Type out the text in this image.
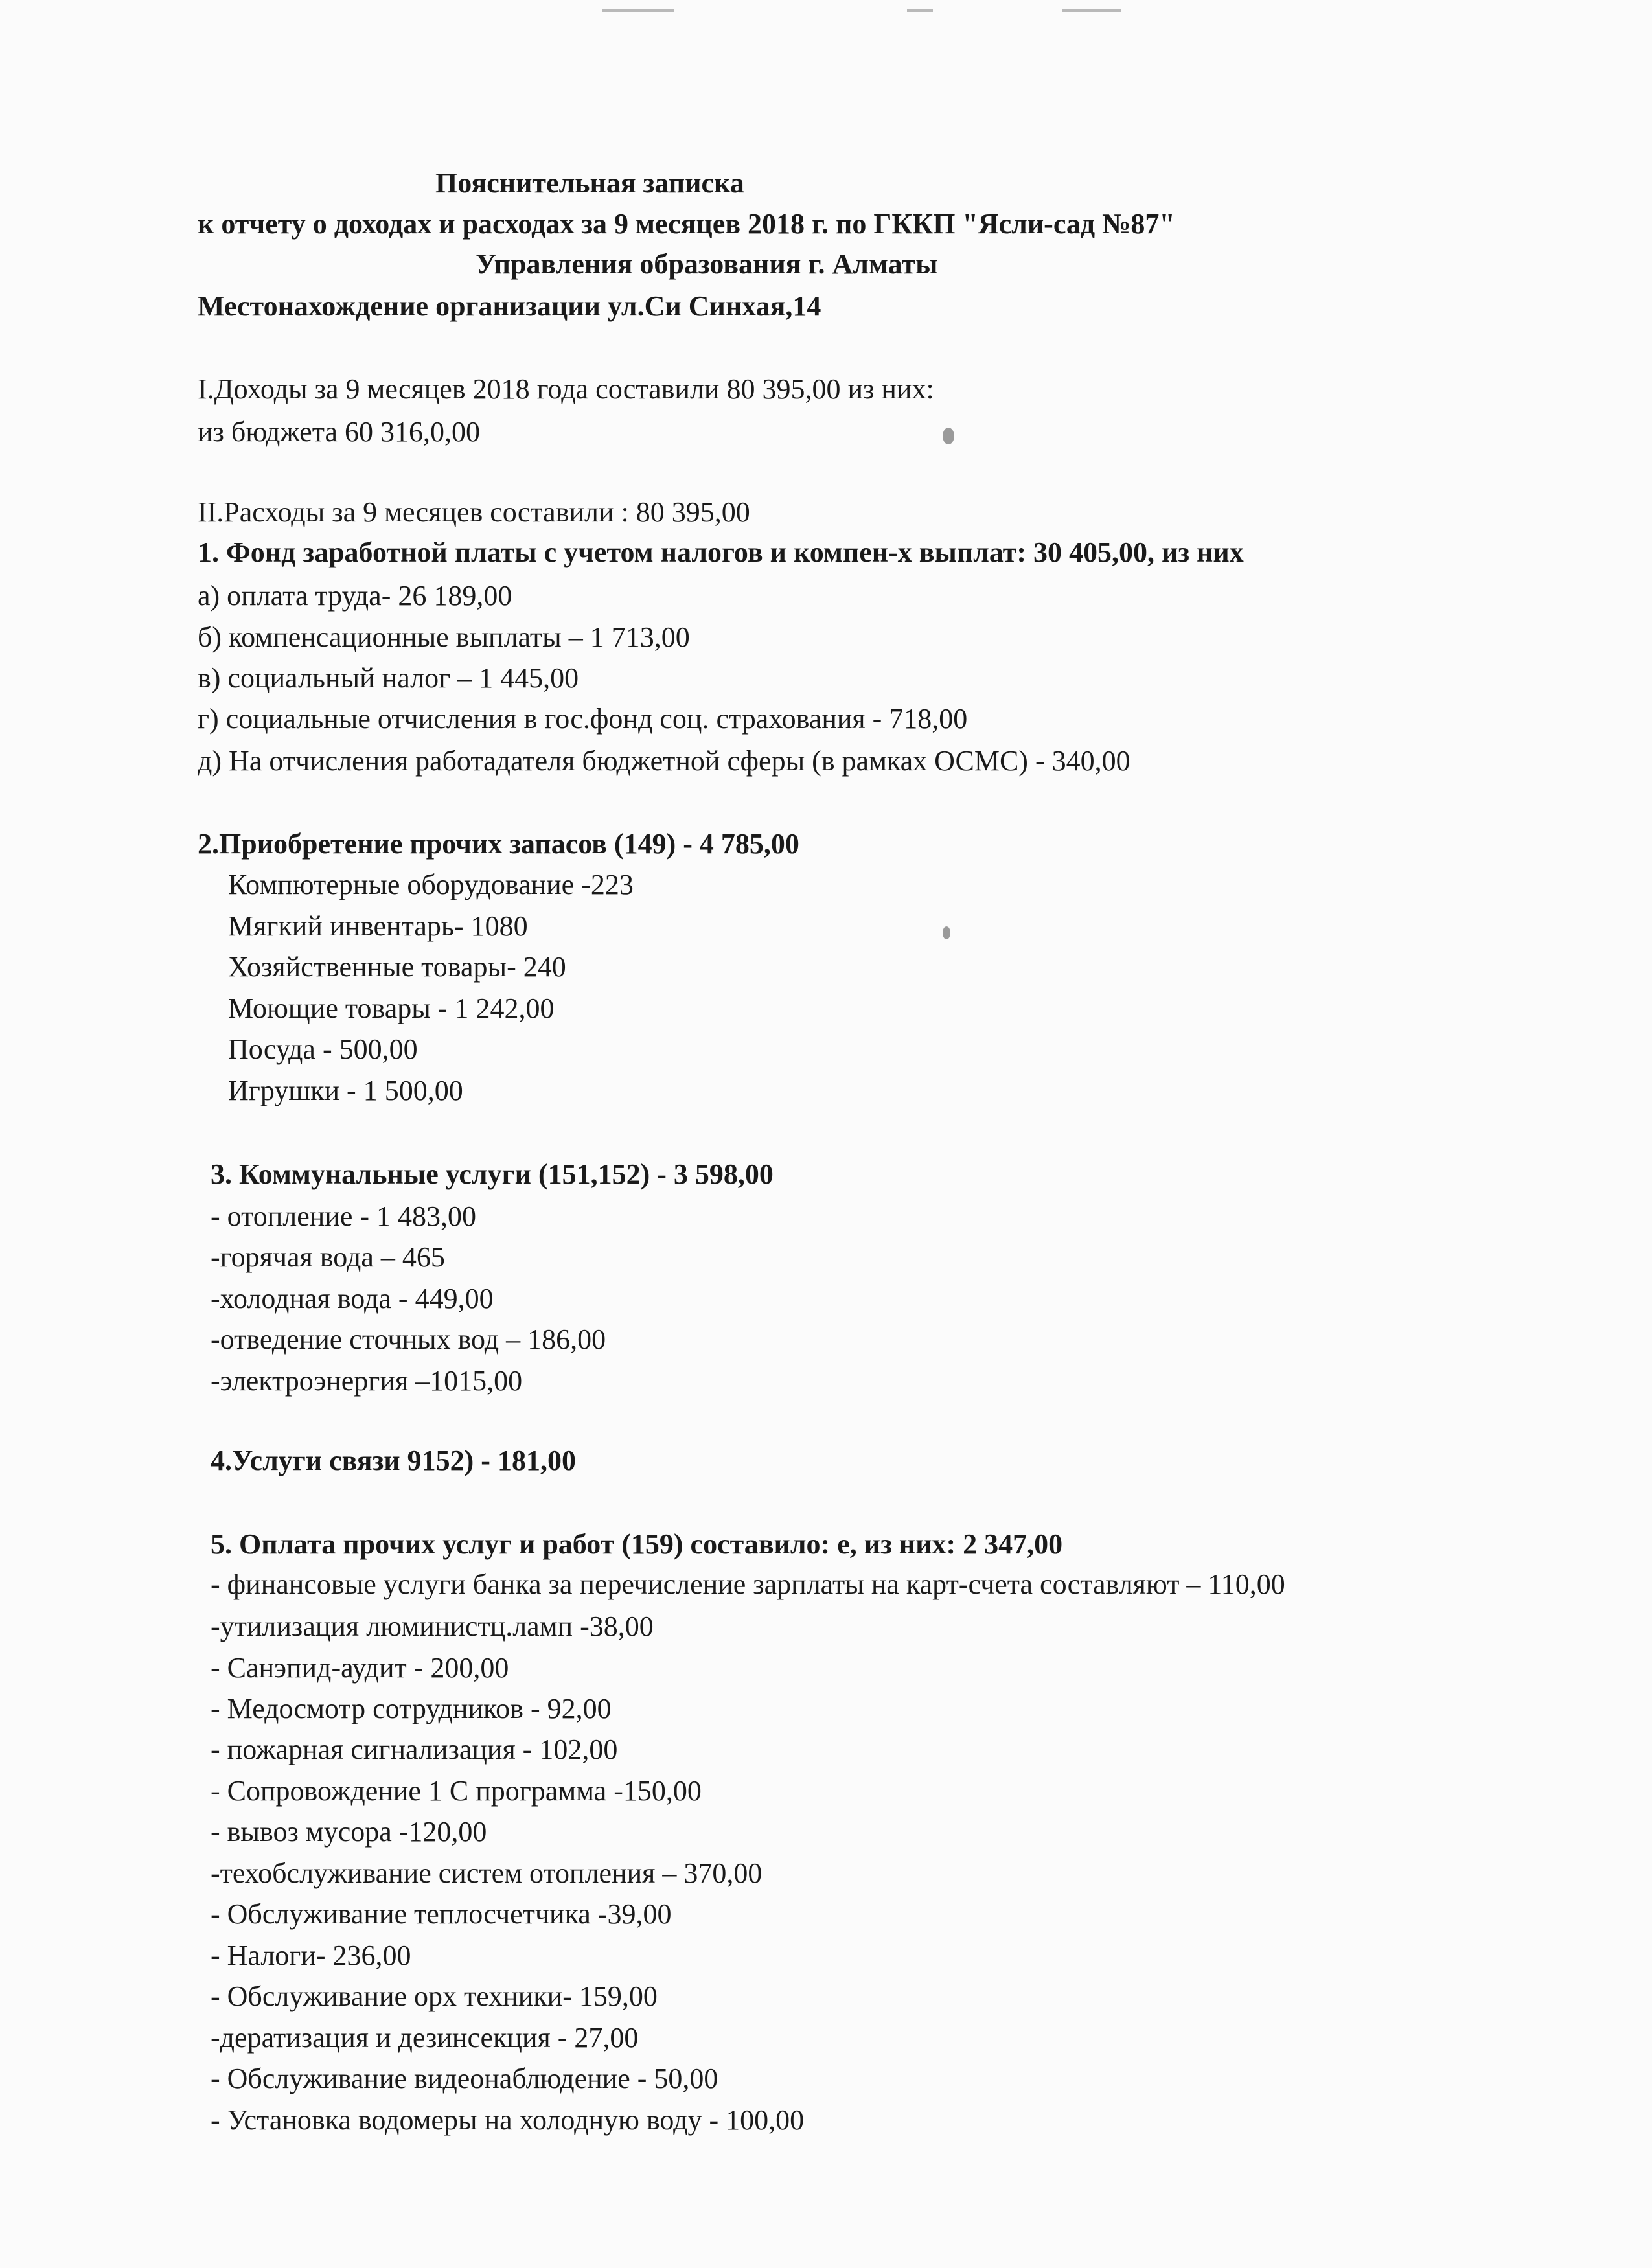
Пояснительная записка
к отчету о доходах и расходах за 9 месяцев 2018 г. по ГККП "Ясли-сад №87"
Управления образования г. Алматы
Местонахождение организации ул.Си Синхая,14
I.Доходы за 9 месяцев 2018 года составили 80 395,00 из них:
из бюджета 60 316,0,00
II.Расходы за 9 месяцев составили : 80 395,00
1. Фонд заработной платы с учетом налогов и компен-х выплат: 30 405,00, из них
а) оплата труда- 26 189,00
б) компенсационные выплаты – 1 713,00
в) социальный налог – 1 445,00
г) социальные отчисления в гос.фонд соц. страхования - 718,00
д) На отчисления работадателя бюджетной сферы (в рамках ОСМС) - 340,00
2.Приобретение прочих запасов (149) - 4 785,00
Компютерные оборудование -223
Мягкий инвентарь- 1080
Хозяйственные товары- 240
Моющие товары - 1 242,00
Посуда - 500,00
Игрушки - 1 500,00
3. Коммунальные услуги (151,152) - 3 598,00
- отопление - 1 483,00
-горячая вода – 465
-холодная вода - 449,00
-отведение сточных вод – 186,00
-электроэнергия –1015,00
4.Услуги связи 9152) - 181,00
5. Оплата прочих услуг и работ (159) составило: е, из них: 2 347,00
- финансовые услуги банка за перечисление зарплаты на карт-счета составляют – 110,00
-утилизация люминистц.ламп -38,00
- Санэпид-аудит - 200,00
- Медосмотр сотрудников - 92,00
- пожарная сигнализация - 102,00
- Сопровождение 1 С программа -150,00
- вывоз мусора -120,00
-техобслуживание систем отопления – 370,00
- Обслуживание теплосчетчика -39,00
- Налоги- 236,00
- Обслуживание орх техники- 159,00
-дератизация и дезинсекция - 27,00
- Обслуживание видеонаблюдение - 50,00
- Установка водомеры на холодную воду - 100,00
